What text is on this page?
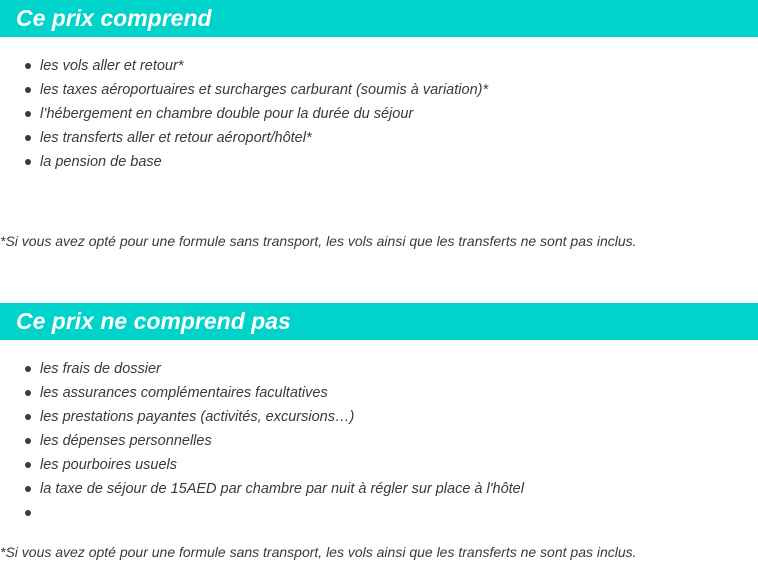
Ce prix comprend
les vols aller et retour*
les taxes aéroportuaires et surcharges carburant (soumis à variation)*
l’hébergement en chambre double pour la durée du séjour
les transferts aller et retour aéroport/hôtel*
la pension de base
*Si vous avez opté pour une formule sans transport, les vols ainsi que les transferts ne sont pas inclus.
Ce prix ne comprend pas
les frais de dossier
les assurances complémentaires facultatives
les prestations payantes (activités, excursions…)
les dépenses personnelles
les pourboires usuels
la taxe de séjour de 15AED par chambre par nuit à régler sur place à l'hôtel
*Si vous avez opté pour une formule sans transport, les vols ainsi que les transferts ne sont pas inclus.
